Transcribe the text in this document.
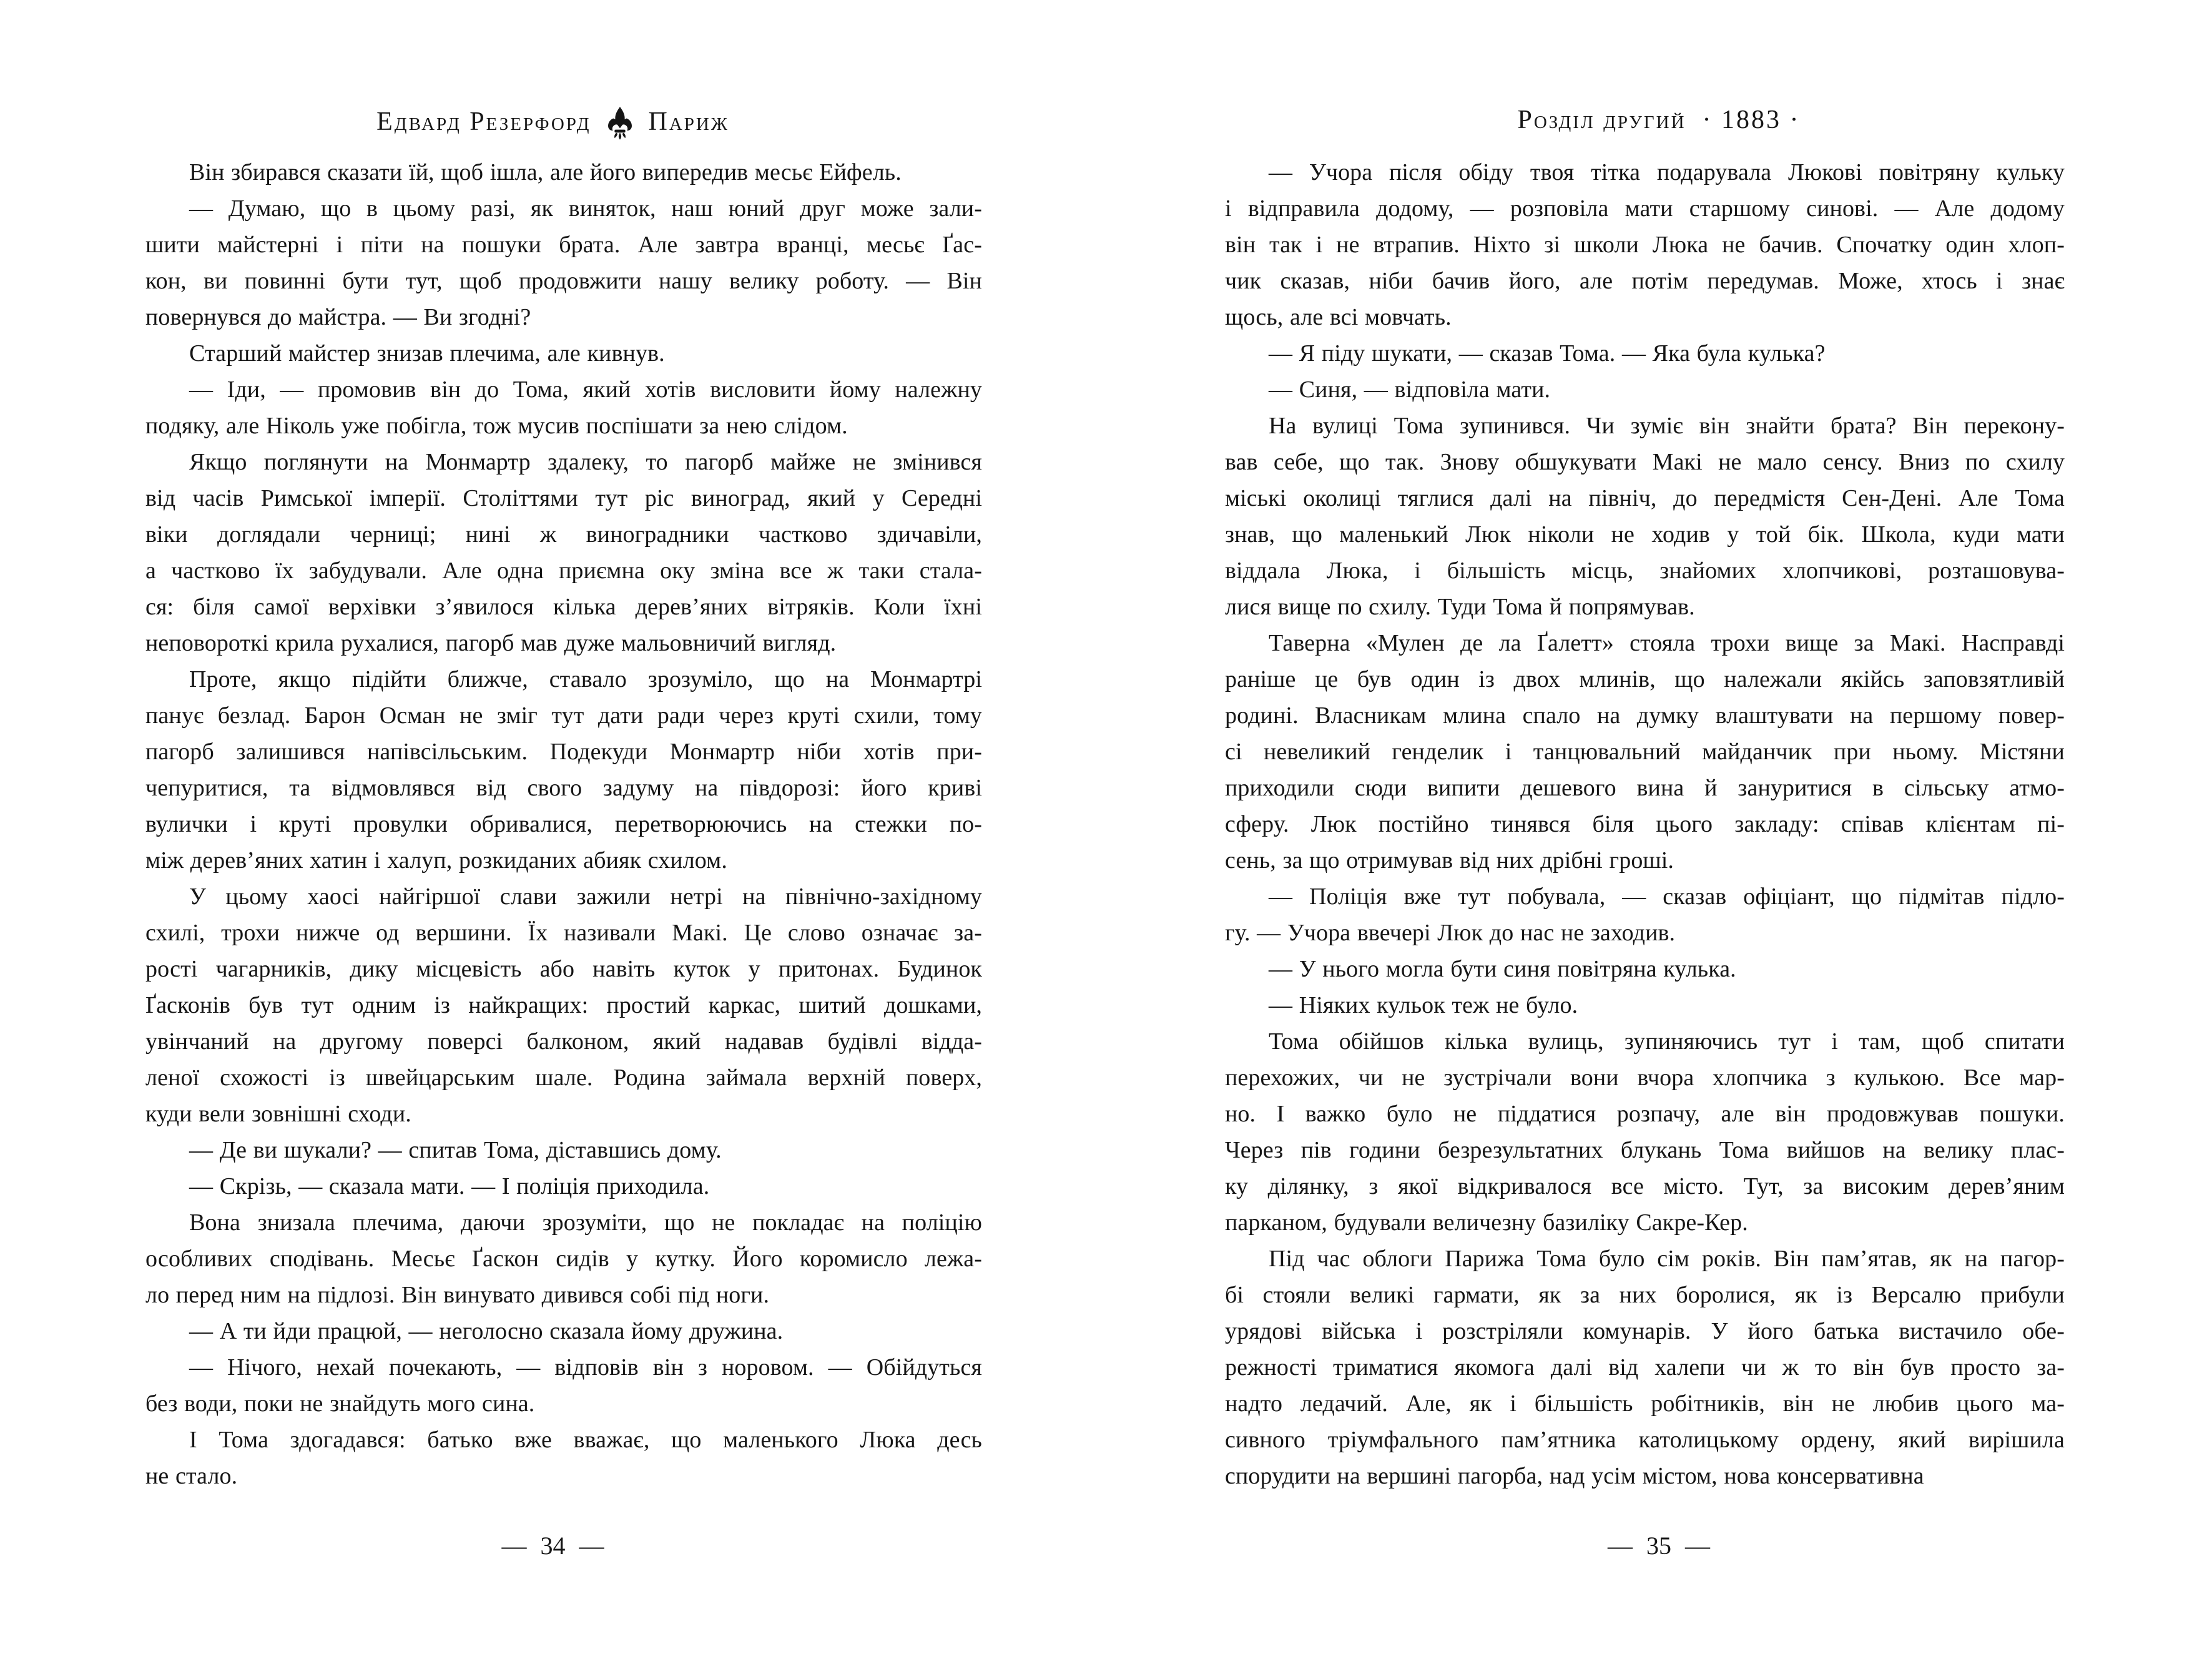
Едвард Резерфорд Париж
Він збирався сказати їй, щоб ішла, але його випередив месьє Ейфель.
— Думаю, що в цьому разі, як виняток, наш юний друг може зали-
шити майстерні і піти на пошуки брата. Але завтра вранці, месьє Ґас-
кон, ви повинні бути тут, щоб продовжити нашу велику роботу. — Він
повернувся до майстра. — Ви згодні?
Старший майстер знизав плечима, але кивнув.
— Іди, — промовив він до Тома, який хотів висловити йому належну
подяку, але Ніколь уже побігла, тож мусив поспішати за нею слідом.
Якщо поглянути на Монмартр здалеку, то пагорб майже не змінився
від часів Римської імперії. Століттями тут ріс виноград, який у Середні
віки доглядали черниці; нині ж виноградники частково здичавіли,
а частково їх забудували. Але одна приємна оку зміна все ж таки стала-
ся: біля самої верхівки з’явилося кілька дерев’яних вітряків. Коли їхні
неповороткі крила рухалися, пагорб мав дуже мальовничий вигляд.
Проте, якщо підійти ближче, ставало зрозуміло, що на Монмартрі
панує безлад. Барон Осман не зміг тут дати ради через круті схили, тому
пагорб залишився напівсільським. Подекуди Монмартр ніби хотів при-
чепуритися, та відмовлявся від свого задуму на півдорозі: його криві
вулички і круті провулки обривалися, перетворюючись на стежки по-
між дерев’яних хатин і халуп, розкиданих абияк схилом.
У цьому хаосі найгіршої слави зажили нетрі на північно-західному
схилі, трохи нижче од вершини. Їх називали Макі. Це слово означає за-
рості чагарників, дику місцевість або навіть куток у притонах. Будинок
Ґасконів був тут одним із найкращих: простий каркас, шитий дошками,
увінчаний на другому поверсі балконом, який надавав будівлі відда-
леної схожості із швейцарським шале. Родина займала верхній поверх,
куди вели зовнішні сходи.
— Де ви шукали? — спитав Тома, діставшись дому.
— Скрізь, — сказала мати. — І поліція приходила.
Вона знизала плечима, даючи зрозуміти, що не покладає на поліцію
особливих сподівань. Месьє Ґаскон сидів у кутку. Його коромисло лежа-
ло перед ним на підлозі. Він винувато дивився собі під ноги.
— А ти йди працюй, — неголосно сказала йому дружина.
— Нічого, нехай почекають, — відповів він з норовом. — Обійдуться
без води, поки не знайдуть мого сина.
І Тома здогадався: батько вже вважає, що маленького Люка десь
не стало.
— 34 —
Розділ другий · 1883 ·
— Учора після обіду твоя тітка подарувала Люкові повітряну кульку
і відправила додому, — розповіла мати старшому синові. — Але додому
він так і не втрапив. Ніхто зі школи Люка не бачив. Спочатку один хлоп-
чик сказав, ніби бачив його, але потім передумав. Може, хтось і знає
щось, але всі мовчать.
— Я піду шукати, — сказав Тома. — Яка була кулька?
— Синя, — відповіла мати.
На вулиці Тома зупинився. Чи зуміє він знайти брата? Він перекону-
вав себе, що так. Знову обшукувати Макі не мало сенсу. Вниз по схилу
міські околиці тяглися далі на північ, до передмістя Сен-Дені. Але Тома
знав, що маленький Люк ніколи не ходив у той бік. Школа, куди мати
віддала Люка, і більшість місць, знайомих хлопчикові, розташовува-
лися вище по схилу. Туди Тома й попрямував.
Таверна «Мулен де ла Ґалетт» стояла трохи вище за Макі. Насправді
раніше це був один із двох млинів, що належали якійсь заповзятливій
родині. Власникам млина спало на думку влаштувати на першому повер-
сі невеликий генделик і танцювальний майданчик при ньому. Містяни
приходили сюди випити дешевого вина й зануритися в сільську атмо-
сферу. Люк постійно тинявся біля цього закладу: співав клієнтам пі-
сень, за що отримував від них дрібні гроші.
— Поліція вже тут побувала, — сказав офіціант, що підмітав підло-
гу. — Учора ввечері Люк до нас не заходив.
— У нього могла бути синя повітряна кулька.
— Ніяких кульок теж не було.
Тома обійшов кілька вулиць, зупиняючись тут і там, щоб спитати
перехожих, чи не зустрічали вони вчора хлопчика з кулькою. Все мар-
но. І важко було не піддатися розпачу, але він продовжував пошуки.
Через пів години безрезультатних блукань Тома вийшов на велику плас-
ку ділянку, з якої відкривалося все місто. Тут, за високим дерев’яним
парканом, будували величезну базиліку Сакре-Кер.
Під час облоги Парижа Тома було сім років. Він пам’ятав, як на пагор-
бі стояли великі гармати, як за них боролися, як із Версалю прибули
урядові війська і розстріляли комунарів. У його батька вистачило обе-
режності триматися якомога далі від халепи чи ж то він був просто за-
надто ледачий. Але, як і більшість робітників, він не любив цього ма-
сивного тріумфального пам’ятника католицькому ордену, який вирішила
спорудити на вершині пагорба, над усім містом, нова консервативна
— 35 —
